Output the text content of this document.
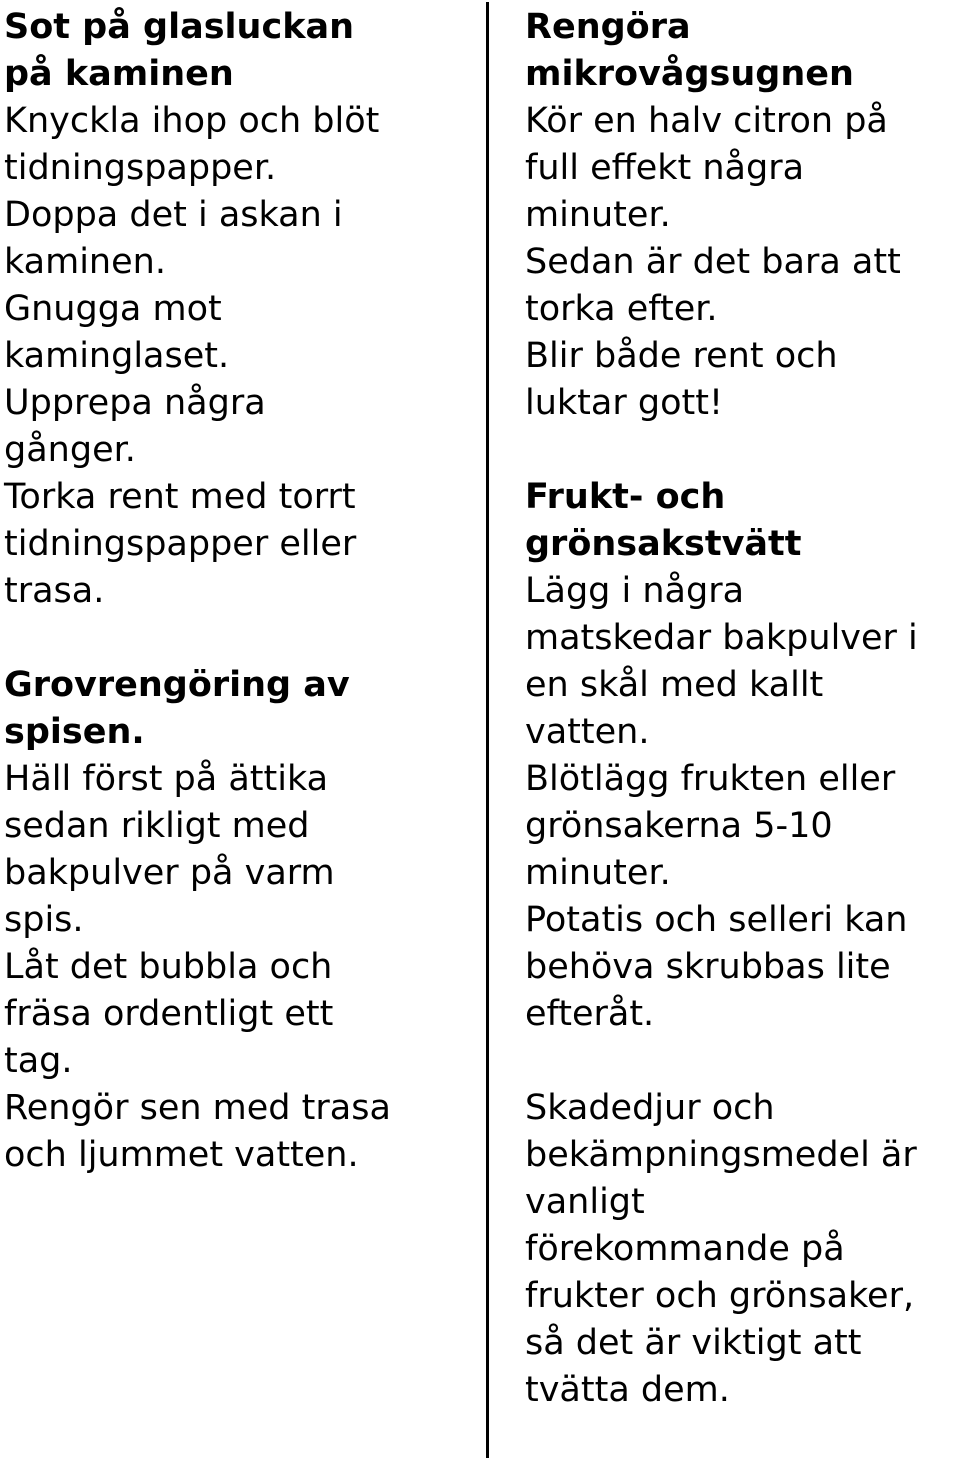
Sot på glasluckan
på kaminen
Knyckla ihop och blöt
tidningspapper.
Doppa det i askan i
kaminen.
Gnugga mot
kaminglaset.
Upprepa några
gånger.
Torka rent med torrt
tidningspapper eller
trasa.
Grovrengöring av
spisen.
Häll först på ättika
sedan rikligt med
bakpulver på varm
spis.
Låt det bubbla och
fräsa ordentligt ett
tag.
Rengör sen med trasa
och ljummet vatten.
Rengöra
mikrovågsugnen
Kör en halv citron på
full effekt några
minuter.
Sedan är det bara att
torka efter.
Blir både rent och
luktar gott!
Frukt- och
grönsakstvätt
Lägg i några
matskedar bakpulver i
en skål med kallt
vatten.
Blötlägg frukten eller
grönsakerna 5-10
minuter.
Potatis och selleri kan
behöva skrubbas lite
efteråt.
Skadedjur och
bekämpningsmedel är
vanligt
förekommande på
frukter och grönsaker,
så det är viktigt att
tvätta dem.
